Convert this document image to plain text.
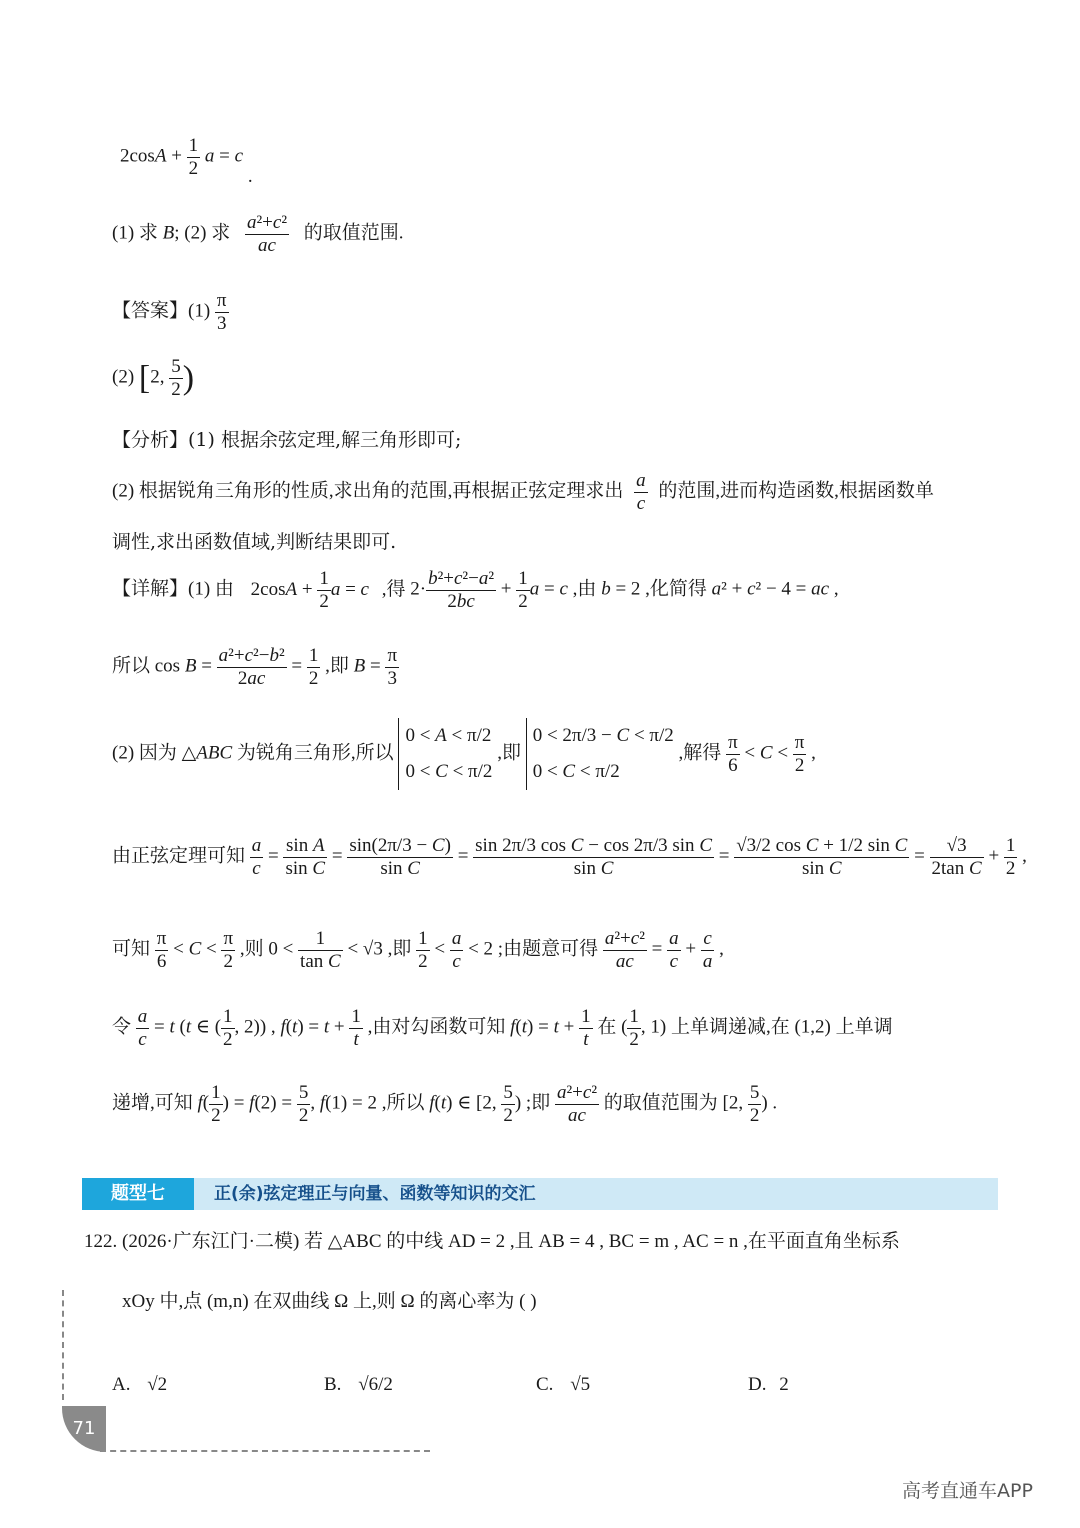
$2\cos A + \frac{1}{2}$ a = c .
(1) 求 B; (2) 求 $\frac{\text{a²+c²}}{ac}$ 的取值范围.
【答案】$(1) \frac{\pi}{3}$
(2) [2, $\frac{5}{2}$ )
【分析】(1) 根据余弦定理,解三角形即可;
(2) 根据锐角三角形的性质,求出角的范围,再根据正弦定理求出 $\frac{a}{c}$ 的范围,进而构造函数,根据函数单
调性,求出函数值域,判断结果即可.
【详解】(1) 由 $2\cos A + \frac{1}{2}$ a = c ,得 $2\cdot \frac{\text{b²+c²−a²}}{2bc} + \frac{1}{2}$ a = c ,由 b = 2 ,化简得 a² + c² − 4 = ac ,
所以 $\cos B = \frac{\text{a²+c²−b²}}{2ac} = \frac{1}{2}$ ,即 $B = \frac{\pi}{3}$
(2) 因为 △ABC 为锐角三角形,所以
0 < A < π/2
0 < C < π/2
,即
0 < 2π/3 − C < π/2
0 < C < π/2
,解得 $\frac{\pi}{6} < C < \frac{\pi}{2}$ ,
由正弦定理可知 $\frac{a}{c} = \frac{\text{sin A}}{\text{sin C}} = \frac{\sin(2\pi/3 - C)}{\text{sin C}} = \frac{\text{sin 2π/3 cos C − cos 2π/3 sin C}}{\text{sin C}} = \frac{\text{√3/2 cos C + 1/2 sin C}}{\text{sin C}} = \frac{√3}{\text{2tan C}} + \frac{1}{2}$ ,
可知 $\frac{\pi}{6} < C < \frac{\pi}{2}$ ,则 $0 < \frac{1}{\text{tan C}} < √3$ ,即 $\frac{1}{2} < \frac{a}{c} < 2$ ;由题意可得 $\frac{\text{a²+c²}}{ac} = \frac{a}{c} + \frac{c}{a}$ ,
令 $\frac{a}{c} = t$ (t ∈ ( $\frac{1}{2}$ , 2)) , $f(t) = t + \frac{1}{t}$ ,由对勾函数可知 $f(t) = t + \frac{1}{t}$ 在 ( $\frac{1}{2}$ , 1) 上单调递减,在 (1,2) 上单调
递增,可知 $f( \frac{1}{2}$ ) = $f(2) = \frac{5}{2}$ , f(1) = 2 ,所以 f(t) ∈ [2, $\frac{5}{2}$ ) ;即 $\frac{\text{a²+c²}}{ac}$ 的取值范围为 [2, $\frac{5}{2}$ ) .
题型七	正(余)弦定理正与向量、函数等知识的交汇
122. (2026·广东江门·二模) 若 △ABC 的中线 AD = 2 ,且 AB = 4 , BC = m , AC = n ,在平面直角坐标系
xOy 中,点 (m,n) 在双曲线 Ω 上,则 Ω 的离心率为 ( )
A. √2	B. √6/2	C. √5	D. 2
71
高考直通车APP
